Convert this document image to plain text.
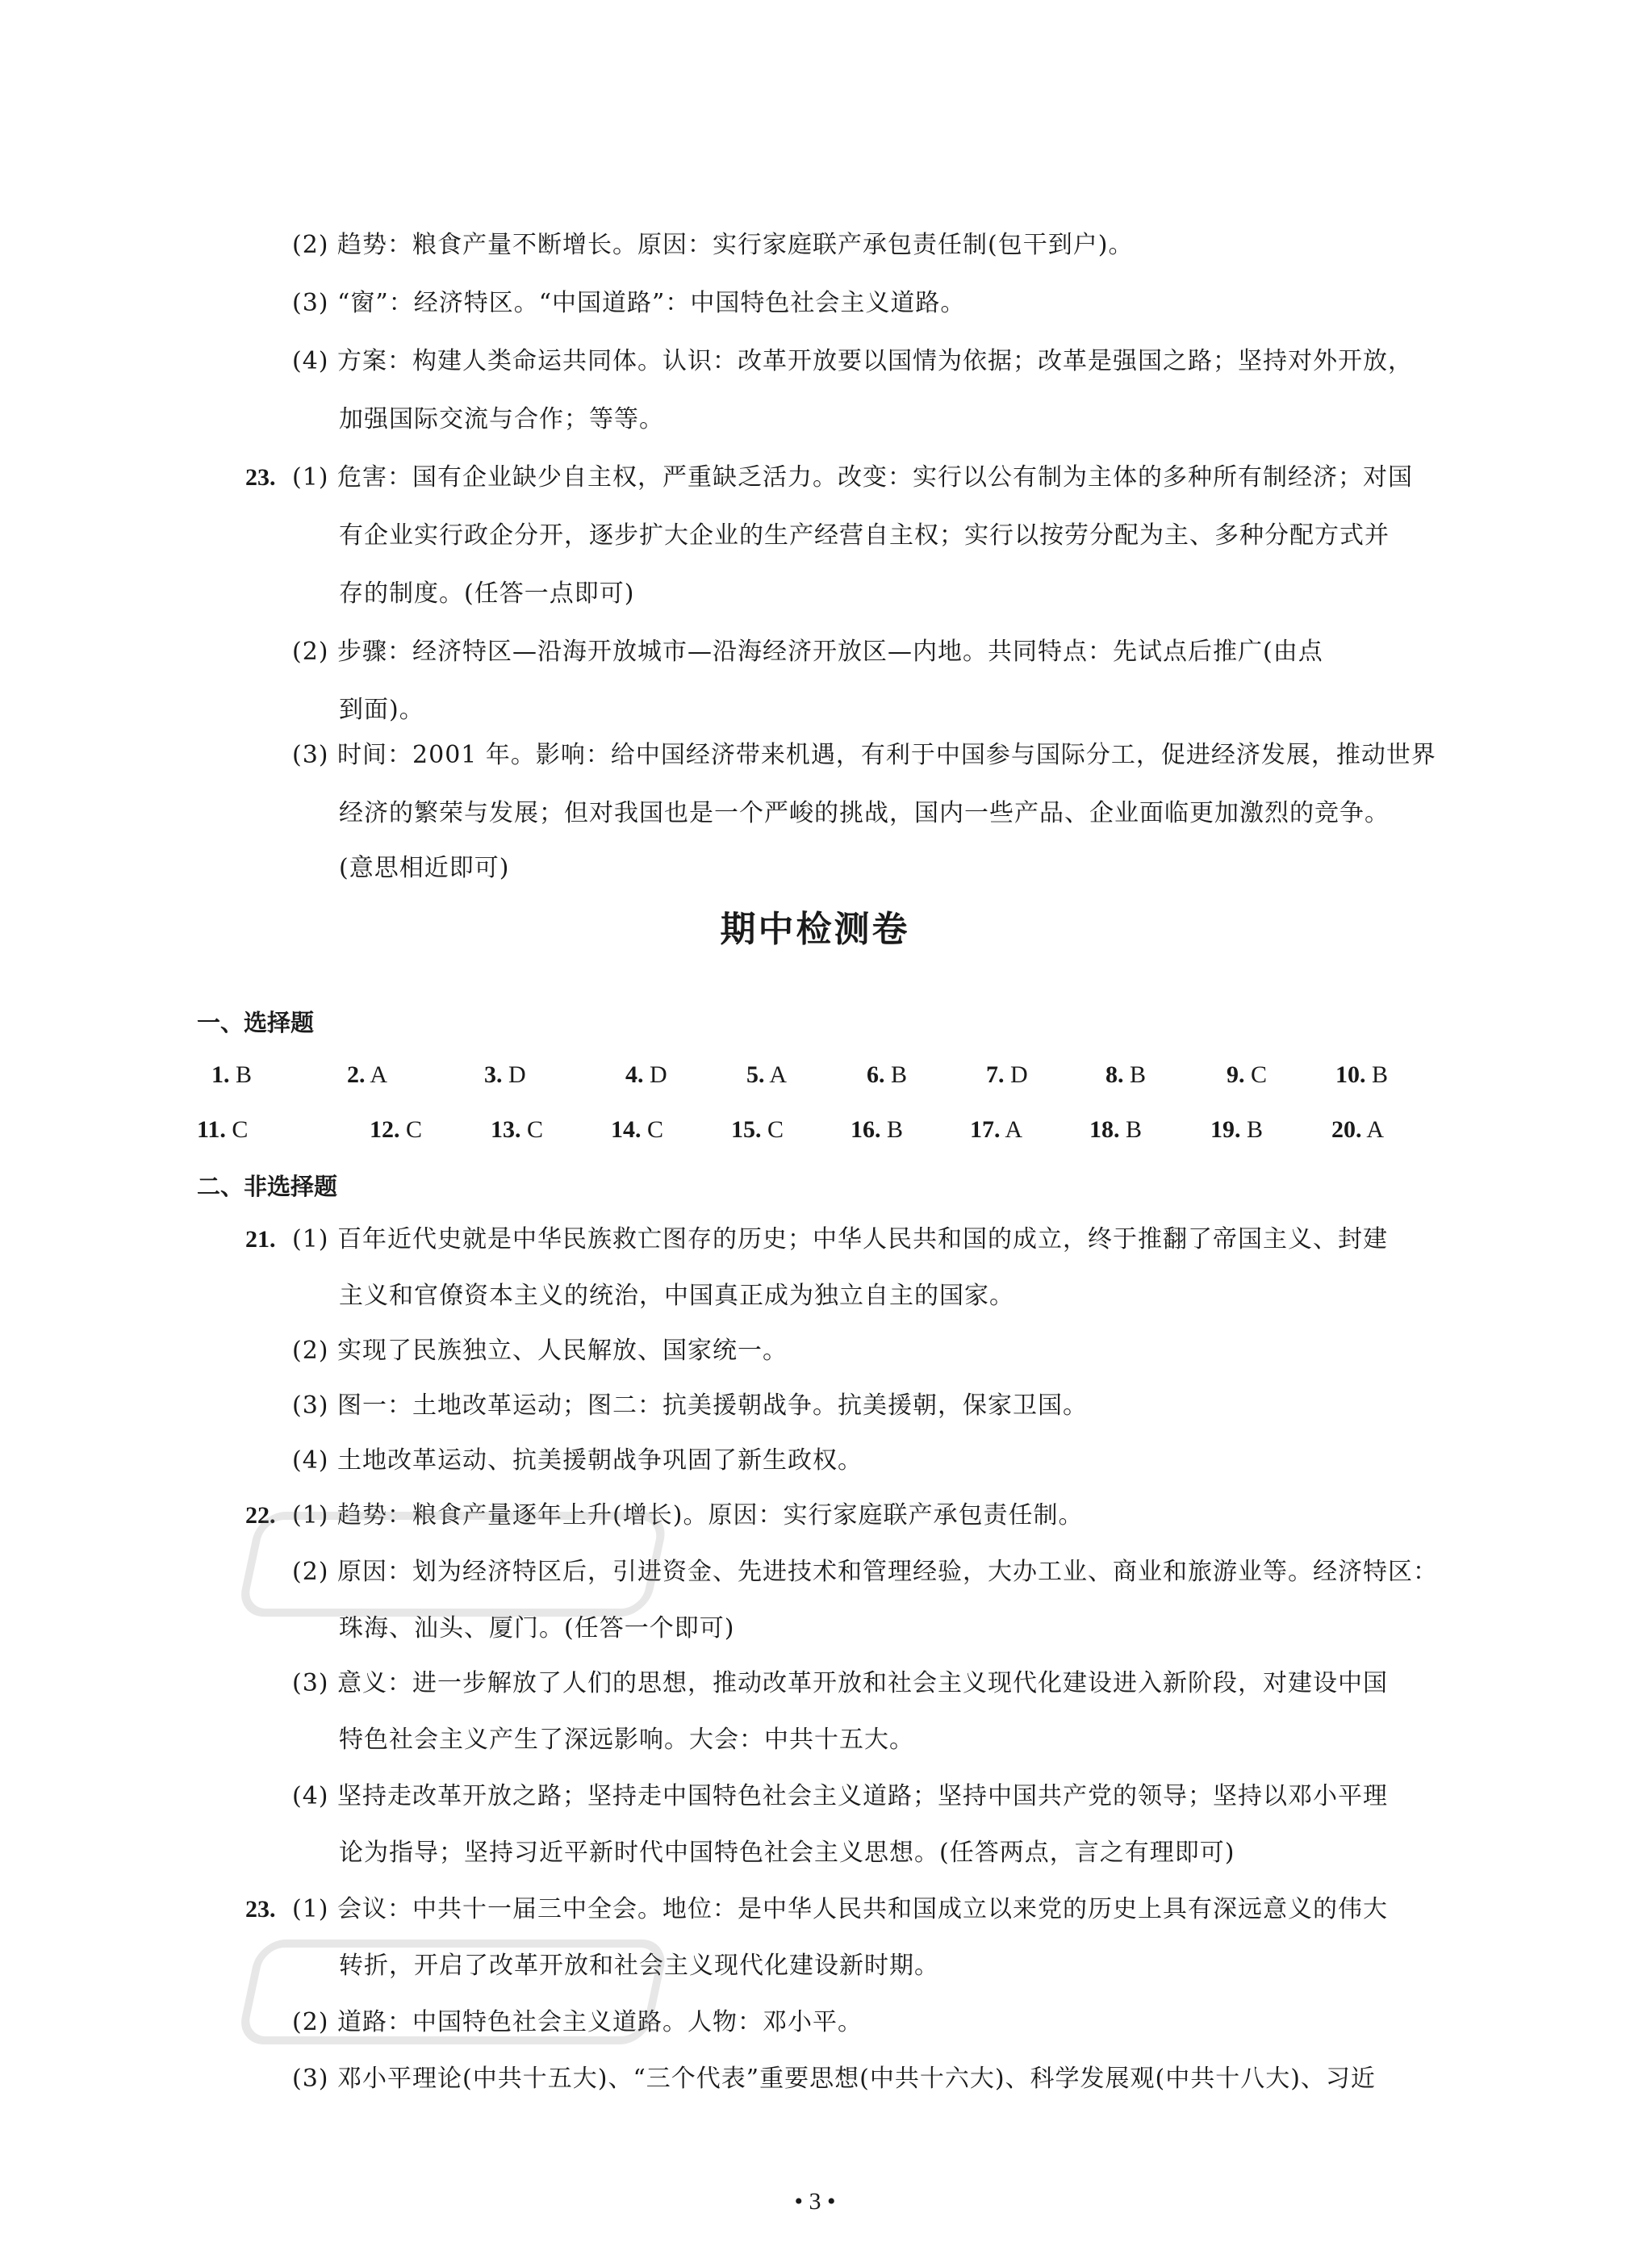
(2) 趋势：粮食产量不断增长。原因：实行家庭联产承包责任制(包干到户)。
(3) “窗”：经济特区。“中国道路”：中国特色社会主义道路。
(4) 方案：构建人类命运共同体。认识：改革开放要以国情为依据；改革是强国之路；坚持对外开放，
加强国际交流与合作；等等。
23. (1) 危害：国有企业缺少自主权，严重缺乏活力。改变：实行以公有制为主体的多种所有制经济；对国
有企业实行政企分开，逐步扩大企业的生产经营自主权；实行以按劳分配为主、多种分配方式并
存的制度。(任答一点即可)
(2) 步骤：经济特区—沿海开放城市—沿海经济开放区—内地。共同特点：先试点后推广(由点
到面)。
(3) 时间：2001 年。影响：给中国经济带来机遇，有利于中国参与国际分工，促进经济发展，推动世界
经济的繁荣与发展；但对我国也是一个严峻的挑战，国内一些产品、企业面临更加激烈的竞争。
(意思相近即可)
期中检测卷
一、选择题
1. B	2. A	3. D	4. D	5. A	6. B	7. D	8. B	9. C	10. B
11. C	12. C	13. C	14. C	15. C	16. B	17. A	18. B	19. B	20. A
二、非选择题
21. (1) 百年近代史就是中华民族救亡图存的历史；中华人民共和国的成立，终于推翻了帝国主义、封建
主义和官僚资本主义的统治，中国真正成为独立自主的国家。
(2) 实现了民族独立、人民解放、国家统一。
(3) 图一：土地改革运动；图二：抗美援朝战争。抗美援朝，保家卫国。
(4) 土地改革运动、抗美援朝战争巩固了新生政权。
22. (1) 趋势：粮食产量逐年上升(增长)。原因：实行家庭联产承包责任制。
(2) 原因：划为经济特区后，引进资金、先进技术和管理经验，大办工业、商业和旅游业等。经济特区：
珠海、汕头、厦门。(任答一个即可)
(3) 意义：进一步解放了人们的思想，推动改革开放和社会主义现代化建设进入新阶段，对建设中国
特色社会主义产生了深远影响。大会：中共十五大。
(4) 坚持走改革开放之路；坚持走中国特色社会主义道路；坚持中国共产党的领导；坚持以邓小平理
论为指导；坚持习近平新时代中国特色社会主义思想。(任答两点，言之有理即可)
23. (1) 会议：中共十一届三中全会。地位：是中华人民共和国成立以来党的历史上具有深远意义的伟大
转折，开启了改革开放和社会主义现代化建设新时期。
(2) 道路：中国特色社会主义道路。人物：邓小平。
(3) 邓小平理论(中共十五大)、“三个代表”重要思想(中共十六大)、科学发展观(中共十八大)、习近
• 3 •
